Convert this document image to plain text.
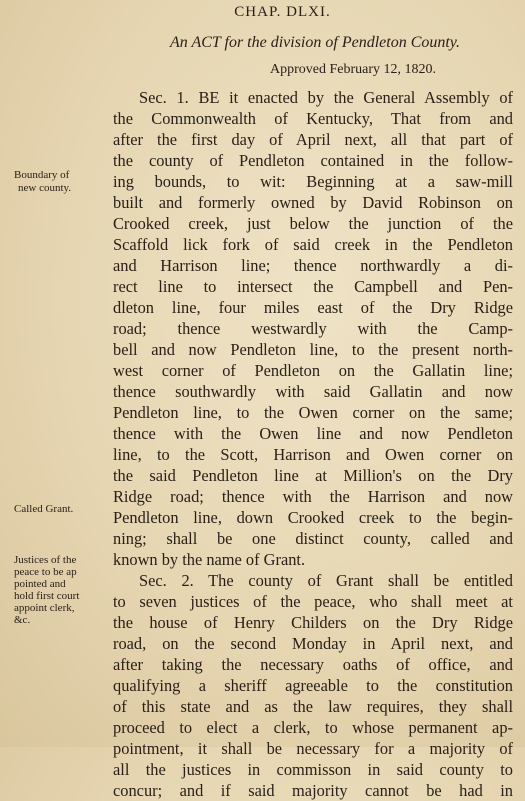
CHAP. DLXI.
An ACT for the division of Pendleton County.
Approved February 12, 1820.
Sec. 1. BE it enacted by the General Assembly of
the Commonwealth of Kentucky, That from and
after the first day of April next, all that part of
the county of Pendleton contained in the follow-
ing bounds, to wit: Beginning at a saw-mill
built and formerly owned by David Robinson on
Crooked creek, just below the junction of the
Scaffold lick fork of said creek in the Pendleton
and Harrison line; thence northwardly a di-
rect line to intersect the Campbell and Pen-
dleton line, four miles east of the Dry Ridge
road; thence westwardly with the Camp-
bell and now Pendleton line, to the present north-
west corner of Pendleton on the Gallatin line;
thence southwardly with said Gallatin and now
Pendleton line, to the Owen corner on the same;
thence with the Owen line and now Pendleton
line, to the Scott, Harrison and Owen corner on
the said Pendleton line at Million's on the Dry
Ridge road; thence with the Harrison and now
Pendleton line, down Crooked creek to the begin-
ning; shall be one distinct county, called and
known by the name of Grant.
Sec. 2. The county of Grant shall be entitled
to seven justices of the peace, who shall meet at
the house of Henry Childers on the Dry Ridge
road, on the second Monday in April next, and
after taking the necessary oaths of office, and
qualifying a sheriff agreeable to the constitution
of this state and as the law requires, they shall
proceed to elect a clerk, to whose permanent ap-
pointment, it shall be necessary for a majority of
all the justices in commisson in said county to
concur; and if said majority cannot be had in
Boundary of
new county.
Called Grant.
Justices of the
peace to be ap
pointed and
hold first court
appoint clerk,
&c.
